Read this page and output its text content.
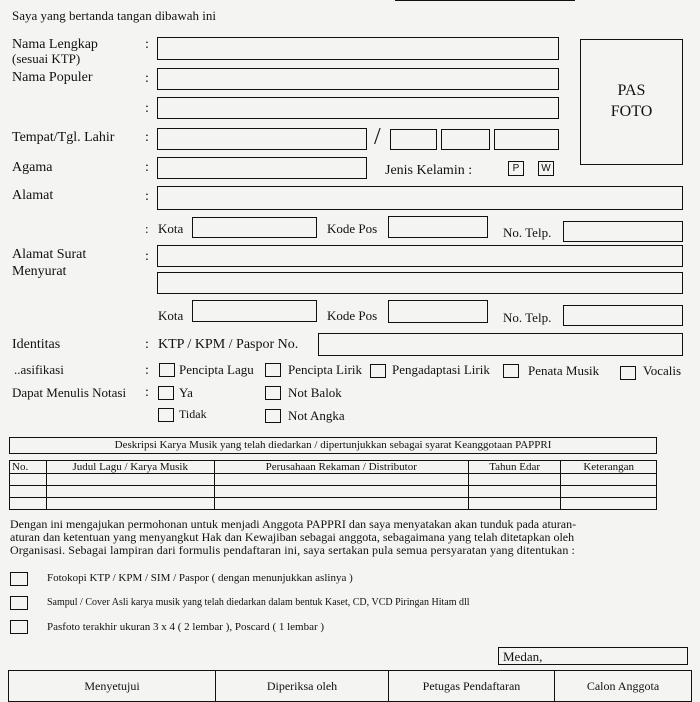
Saya yang bertanda tangan dibawah ini
Nama Lengkap
(sesuai KTP)
:
Nama Populer	:
:
PAS
FOTO
Tempat/Tgl. Lahir :	/
Agama	:	Jenis Kelamin :	P	W
Alamat	:
: Kota	Kode Pos	No. Telp.
Alamat Surat
Menyurat
:
Kota	Kode Pos	No. Telp.
Identitas	: KTP / KPM / Paspor No.
..asifikasi	: Pencipta Lagu	Pencipta Lirik Pengadaptasi Lirik	Penata Musik	Vocalis
Dapat Menulis Notasi : Ya	Not Balok
Tidak	Not Angka
Deskripsi Karya Musik yang telah diedarkan / dipertunjukkan sebagai syarat Keanggotaan PAPPRI
No.	Judul Lagu / Karya Musik	Perusahaan Rekaman / Distributor	Tahun Edar	Keterangan

Dengan ini mengajukan permohonan untuk menjadi Anggota PAPPRI dan saya menyatakan akan tunduk pada aturan-
aturan dan ketentuan yang menyangkut Hak dan Kewajiban sebagai anggota, sebagaimana yang telah ditetapkan oleh
Organisasi. Sebagai lampiran dari formulis pendaftaran ini, saya sertakan pula semua persyaratan yang ditentukan :
Fotokopi KTP / KPM / SIM / Paspor ( dengan menunjukkan aslinya )
Sampul / Cover Asli karya musik yang telah diedarkan dalam bentuk Kaset, CD, VCD Piringan Hitam dll
Pasfoto terakhir ukuran 3 x 4 ( 2 lembar ), Poscard ( 1 lembar )
Medan,
Menyetujui	Diperiksa oleh	Petugas Pendaftaran	Calon Anggota
